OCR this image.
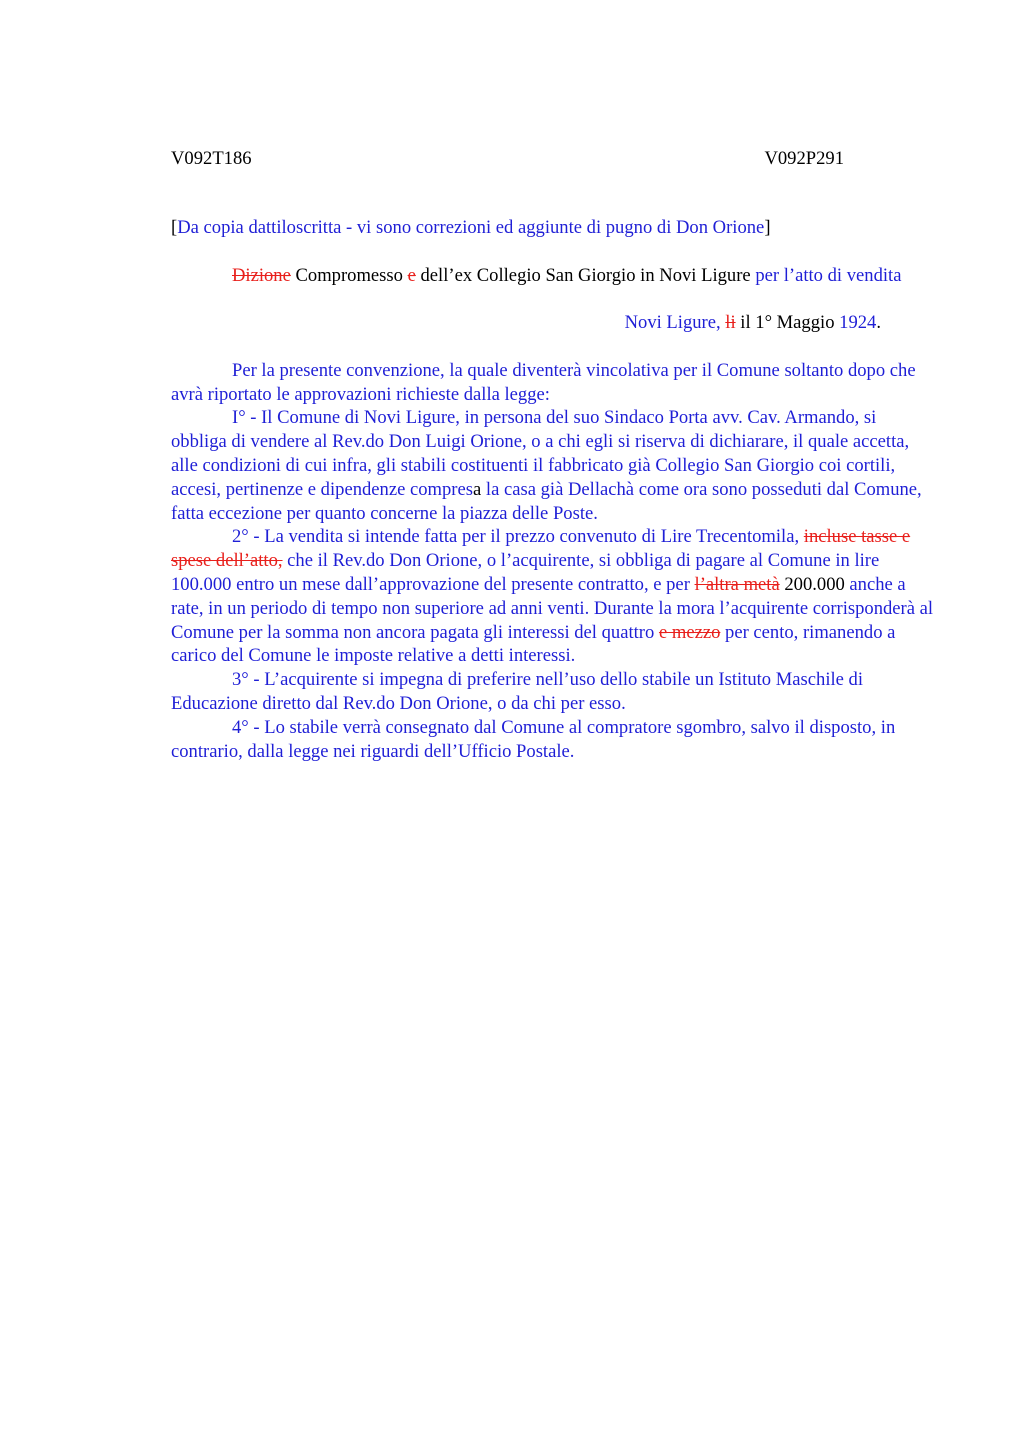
V092T186	V092P291

[Da copia dattiloscritta - vi sono correzioni ed aggiunte di pugno di Don Orione]

Dizione Compromesso e dell’ex Collegio San Giorgio in Novi Ligure per l’atto di vendita

Novi Ligure, li il 1° Maggio 1924.

Per la presente convenzione, la quale diventerà vincolativa per il Comune soltanto dopo che avrà riportato le approvazioni richieste dalla legge:

I° - Il Comune di Novi Ligure, in persona del suo Sindaco Porta avv. Cav. Armando, si obbliga di vendere al Rev.do Don Luigi Orione, o a chi egli si riserva di dichiarare, il quale accetta, alle condizioni di cui infra, gli stabili costituenti il fabbricato già Collegio San Giorgio coi cortili, accesi, pertinenze e dipendenze compresa la casa già Dellachà come ora sono posseduti dal Comune, fatta eccezione per quanto concerne la piazza delle Poste.

2° - La vendita si intende fatta per il prezzo convenuto di Lire Trecentomila, incluse tasse e spese dell’atto, che il Rev.do Don Orione, o l’acquirente, si obbliga di pagare al Comune in lire 100.000 entro un mese dall’approvazione del presente contratto, e per l’altra metà 200.000 anche a rate, in un periodo di tempo non superiore ad anni venti. Durante la mora l’acquirente corrisponderà al Comune per la somma non ancora pagata gli interessi del quattro e mezzo per cento, rimanendo a carico del Comune le imposte relative a detti interessi.

3° - L’acquirente si impegna di preferire nell’uso dello stabile un Istituto Maschile di Educazione diretto dal Rev.do Don Orione, o da chi per esso.

4° - Lo stabile verrà consegnato dal Comune al compratore sgombro, salvo il disposto, in contrario, dalla legge nei riguardi dell’Ufficio Postale.
